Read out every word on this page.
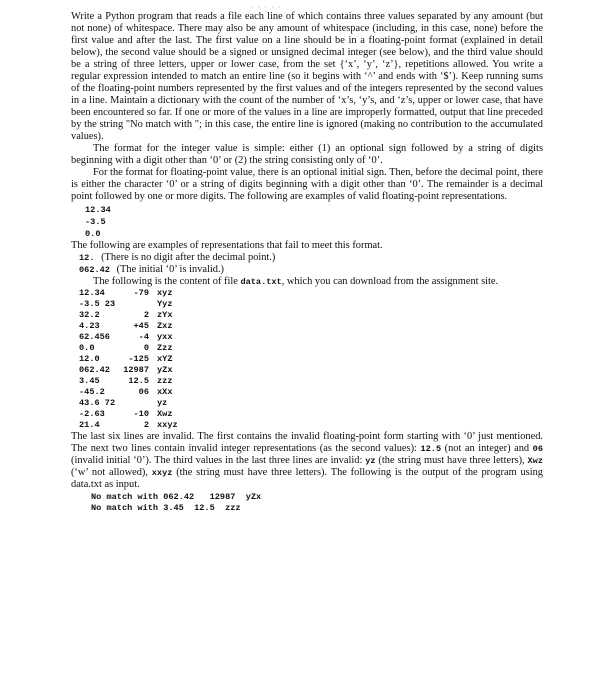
· · · · ·

Write a Python program that reads a file each line of which contains three values separated by any amount (but not none) of whitespace. There may also be any amount of whitespace (including, in this case, none) before the first value and after the last. The first value on a line should be in a floating-point format (explained in detail below), the second value should be a signed or unsigned decimal integer (see below), and the third value should be a string of three letters, upper or lower case, from the set {‘x’, ‘y’, ‘z’}, repetitions allowed. You write a regular expression intended to match an entire line (so it begins with ‘^’ and ends with ‘$’). Keep running sums of the floating-point numbers represented by the first values and of the integers represented by the second values in a line. Maintain a dictionary with the count of the number of ‘x’s, ‘y’s, and ‘z’s, upper or lower case, that have been encountered so far. If one or more of the values in a line are improperly formatted, output that line preceded by the string "No match with "; in this case, the entire line is ignored (making no contribution to the accumulated values).

The format for the integer value is simple: either (1) an optional sign followed by a string of digits beginning with a digit other than ‘0’ or (2) the string consisting only of ‘0’.

For the format for floating-point value, there is an optional initial sign. Then, before the decimal point, there is either the character ‘0’ or a string of digits beginning with a digit other than ‘0’. The remainder is a decimal point followed by one or more digits. The following are examples of valid floating-point representations.

12.34
-3.5
0.0

The following are examples of representations that fail to meet this format.

12. (There is no digit after the decimal point.)
062.42 (The initial ‘0’ is invalid.)

The following is the content of file data.txt, which you can download from the assignment site.

12.34	-79	xyz
-3.5 23		Yyz
32.2	2	zYx
4.23	+45	Zxz
62.456	-4	yxx
0.0	0	Zzz
12.0	-125	xYZ
062.42	12987	yZx
3.45	12.5	zzz
-45.2	06	xXx
43.6 72		yz
-2.63	-10	Xwz
21.4	2	xxyz

The last six lines are invalid. The first contains the invalid floating-point form starting with ‘0’ just mentioned. The next two lines contain invalid integer representations (as the second values): 12.5 (not an integer) and 06 (invalid initial ‘0’). The third values in the last three lines are invalid: yz (the string must have three letters), Xwz (‘w’ not allowed), xxyz (the string must have three letters). The following is the output of the program using data.txt as input.

No match with 062.42   12987  yZx
No match with 3.45  12.5  zzz
